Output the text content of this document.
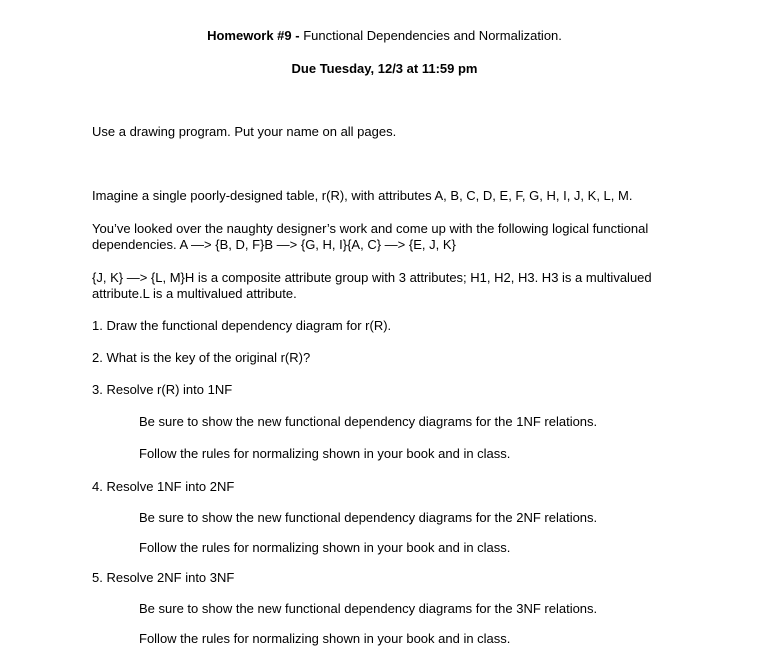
Homework #9 - Functional Dependencies and Normalization.
Due Tuesday, 12/3 at 11:59 pm
Use a drawing program. Put your name on all pages.
Imagine a single poorly-designed table, r(R), with attributes A, B, C, D, E, F, G, H, I, J, K, L, M.
You’ve looked over the naughty designer’s work and come up with the following logical functional
dependencies. A —> {B, D, F}B —> {G, H, I}{A, C} —> {E, J, K}
{J, K} —> {L, M}H is a composite attribute group with 3 attributes; H1, H2, H3. H3 is a multivalued
attribute.L is a multivalued attribute.
1. Draw the functional dependency diagram for r(R).
2. What is the key of the original r(R)?
3. Resolve r(R) into 1NF
Be sure to show the new functional dependency diagrams for the 1NF relations.
Follow the rules for normalizing shown in your book and in class.
4. Resolve 1NF into 2NF
Be sure to show the new functional dependency diagrams for the 2NF relations.
Follow the rules for normalizing shown in your book and in class.
5. Resolve 2NF into 3NF
Be sure to show the new functional dependency diagrams for the 3NF relations.
Follow the rules for normalizing shown in your book and in class.
